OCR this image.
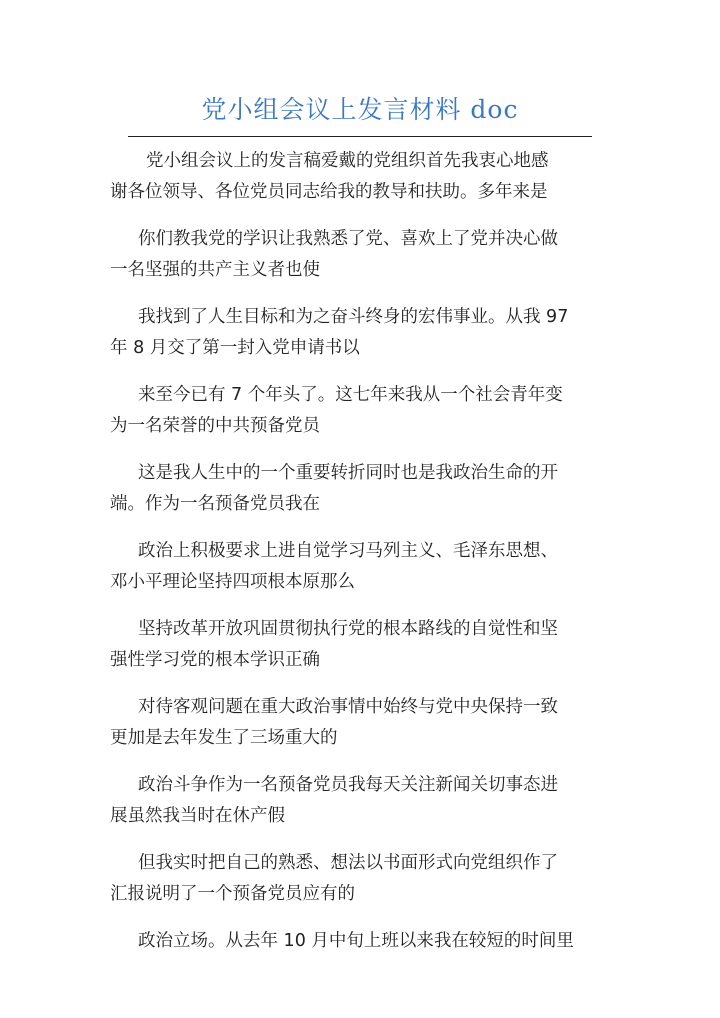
党小组会议上发言材料 doc
党小组会议上的发言稿爱戴的党组织首先我衷心地感
谢各位领导、各位党员同志给我的教导和扶助。多年来是
你们教我党的学识让我熟悉了党、喜欢上了党并决心做
一名坚强的共产主义者也使
我找到了人生目标和为之奋斗终身的宏伟事业。从我 97
年 8 月交了第一封入党申请书以
来至今已有 7 个年头了。这七年来我从一个社会青年变
为一名荣誉的中共预备党员
这是我人生中的一个重要转折同时也是我政治生命的开
端。作为一名预备党员我在
政治上积极要求上进自觉学习马列主义、毛泽东思想、
邓小平理论坚持四项根本原那么
坚持改革开放巩固贯彻执行党的根本路线的自觉性和坚
强性学习党的根本学识正确
对待客观问题在重大政治事情中始终与党中央保持一致
更加是去年发生了三场重大的
政治斗争作为一名预备党员我每天关注新闻关切事态进
展虽然我当时在休产假
但我实时把自己的熟悉、想法以书面形式向党组织作了
汇报说明了一个预备党员应有的
政治立场。从去年 10 月中旬上班以来我在较短的时间里
